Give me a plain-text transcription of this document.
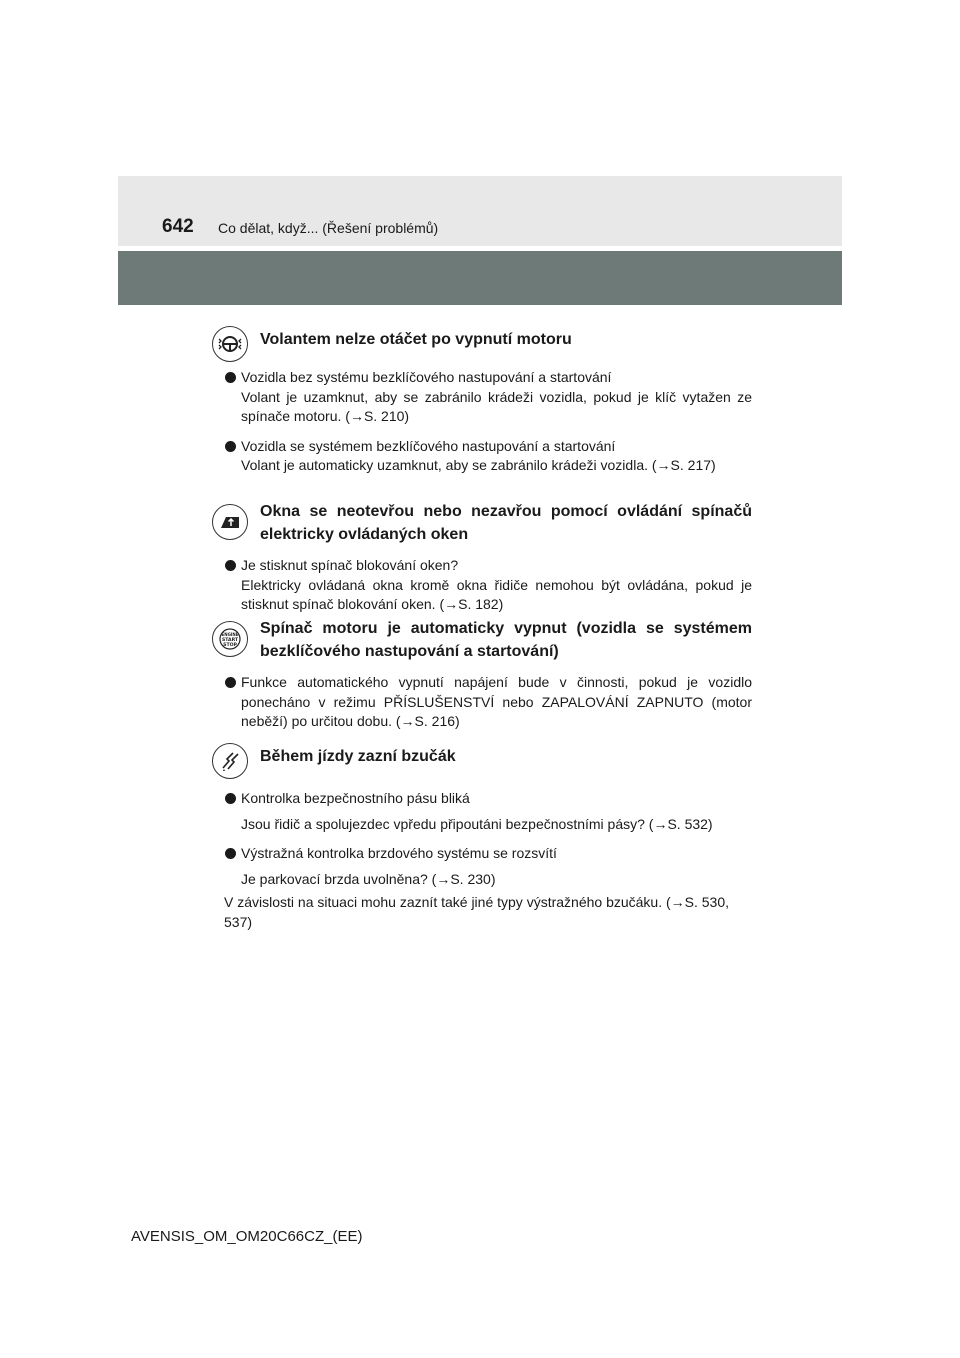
642 Co dělat, když... (Řešení problémů)
Volantem nelze otáčet po vypnutí motoru
Vozidla bez systému bezklíčového nastupování a startování
Volant je uzamknut, aby se zabránilo krádeži vozidla, pokud je klíč vytažen ze spínače motoru. (→S. 210)
Vozidla se systémem bezklíčového nastupování a startování
Volant je automaticky uzamknut, aby se zabránilo krádeži vozidla. (→S. 217)
Okna se neotevřou nebo nezavřou pomocí ovládání spínačů elektricky ovládaných oken
Je stisknut spínač blokování oken?
Elektricky ovládaná okna kromě okna řidiče nemohou být ovládána, pokud je stisknut spínač blokování oken. (→S. 182)
ENGINE
START
STOP
Spínač motoru je automaticky vypnut (vozidla se systémem bezklíčového nastupování a startování)
Funkce automatického vypnutí napájení bude v činnosti, pokud je vozidlo ponecháno v režimu PŘÍSLUŠENSTVÍ nebo ZAPALOVÁNÍ ZAPNUTO (motor neběží) po určitou dobu. (→S. 216)
Během jízdy zazní bzučák
Kontrolka bezpečnostního pásu bliká
Jsou řidič a spolujezdec vpředu připoutáni bezpečnostními pásy? (→S. 532)
Výstražná kontrolka brzdového systému se rozsvítí
Je parkovací brzda uvolněna? (→S. 230)
V závislosti na situaci mohu zaznít také jiné typy výstražného bzučáku. (→S. 530, 537)
AVENSIS_OM_OM20C66CZ_(EE)
